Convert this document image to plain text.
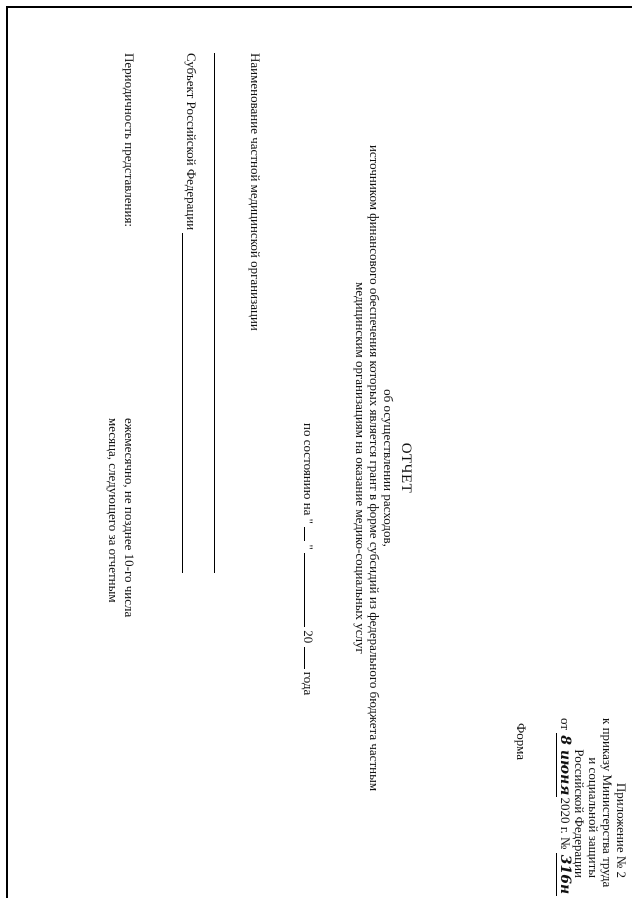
Приложение № 2
к приказу Министерства труда
и социальной защиты
Российской Федерации
от 8 июня2020 г. № 316н
Форма
ОТЧЕТ
об осуществлении расходов,
источником финансового обеспечения которых является грант в форме субсидий из федерального бюджета частным
медицинским организациям на оказание медико-социальных услуг
по состоянию на "  "  20  года
Наименование частной медицинской организации
Субъект Российской Федерации
Периодичность представления:
ежемесячно, не позднее 10-го числа
месяца, следующего за отчетным
